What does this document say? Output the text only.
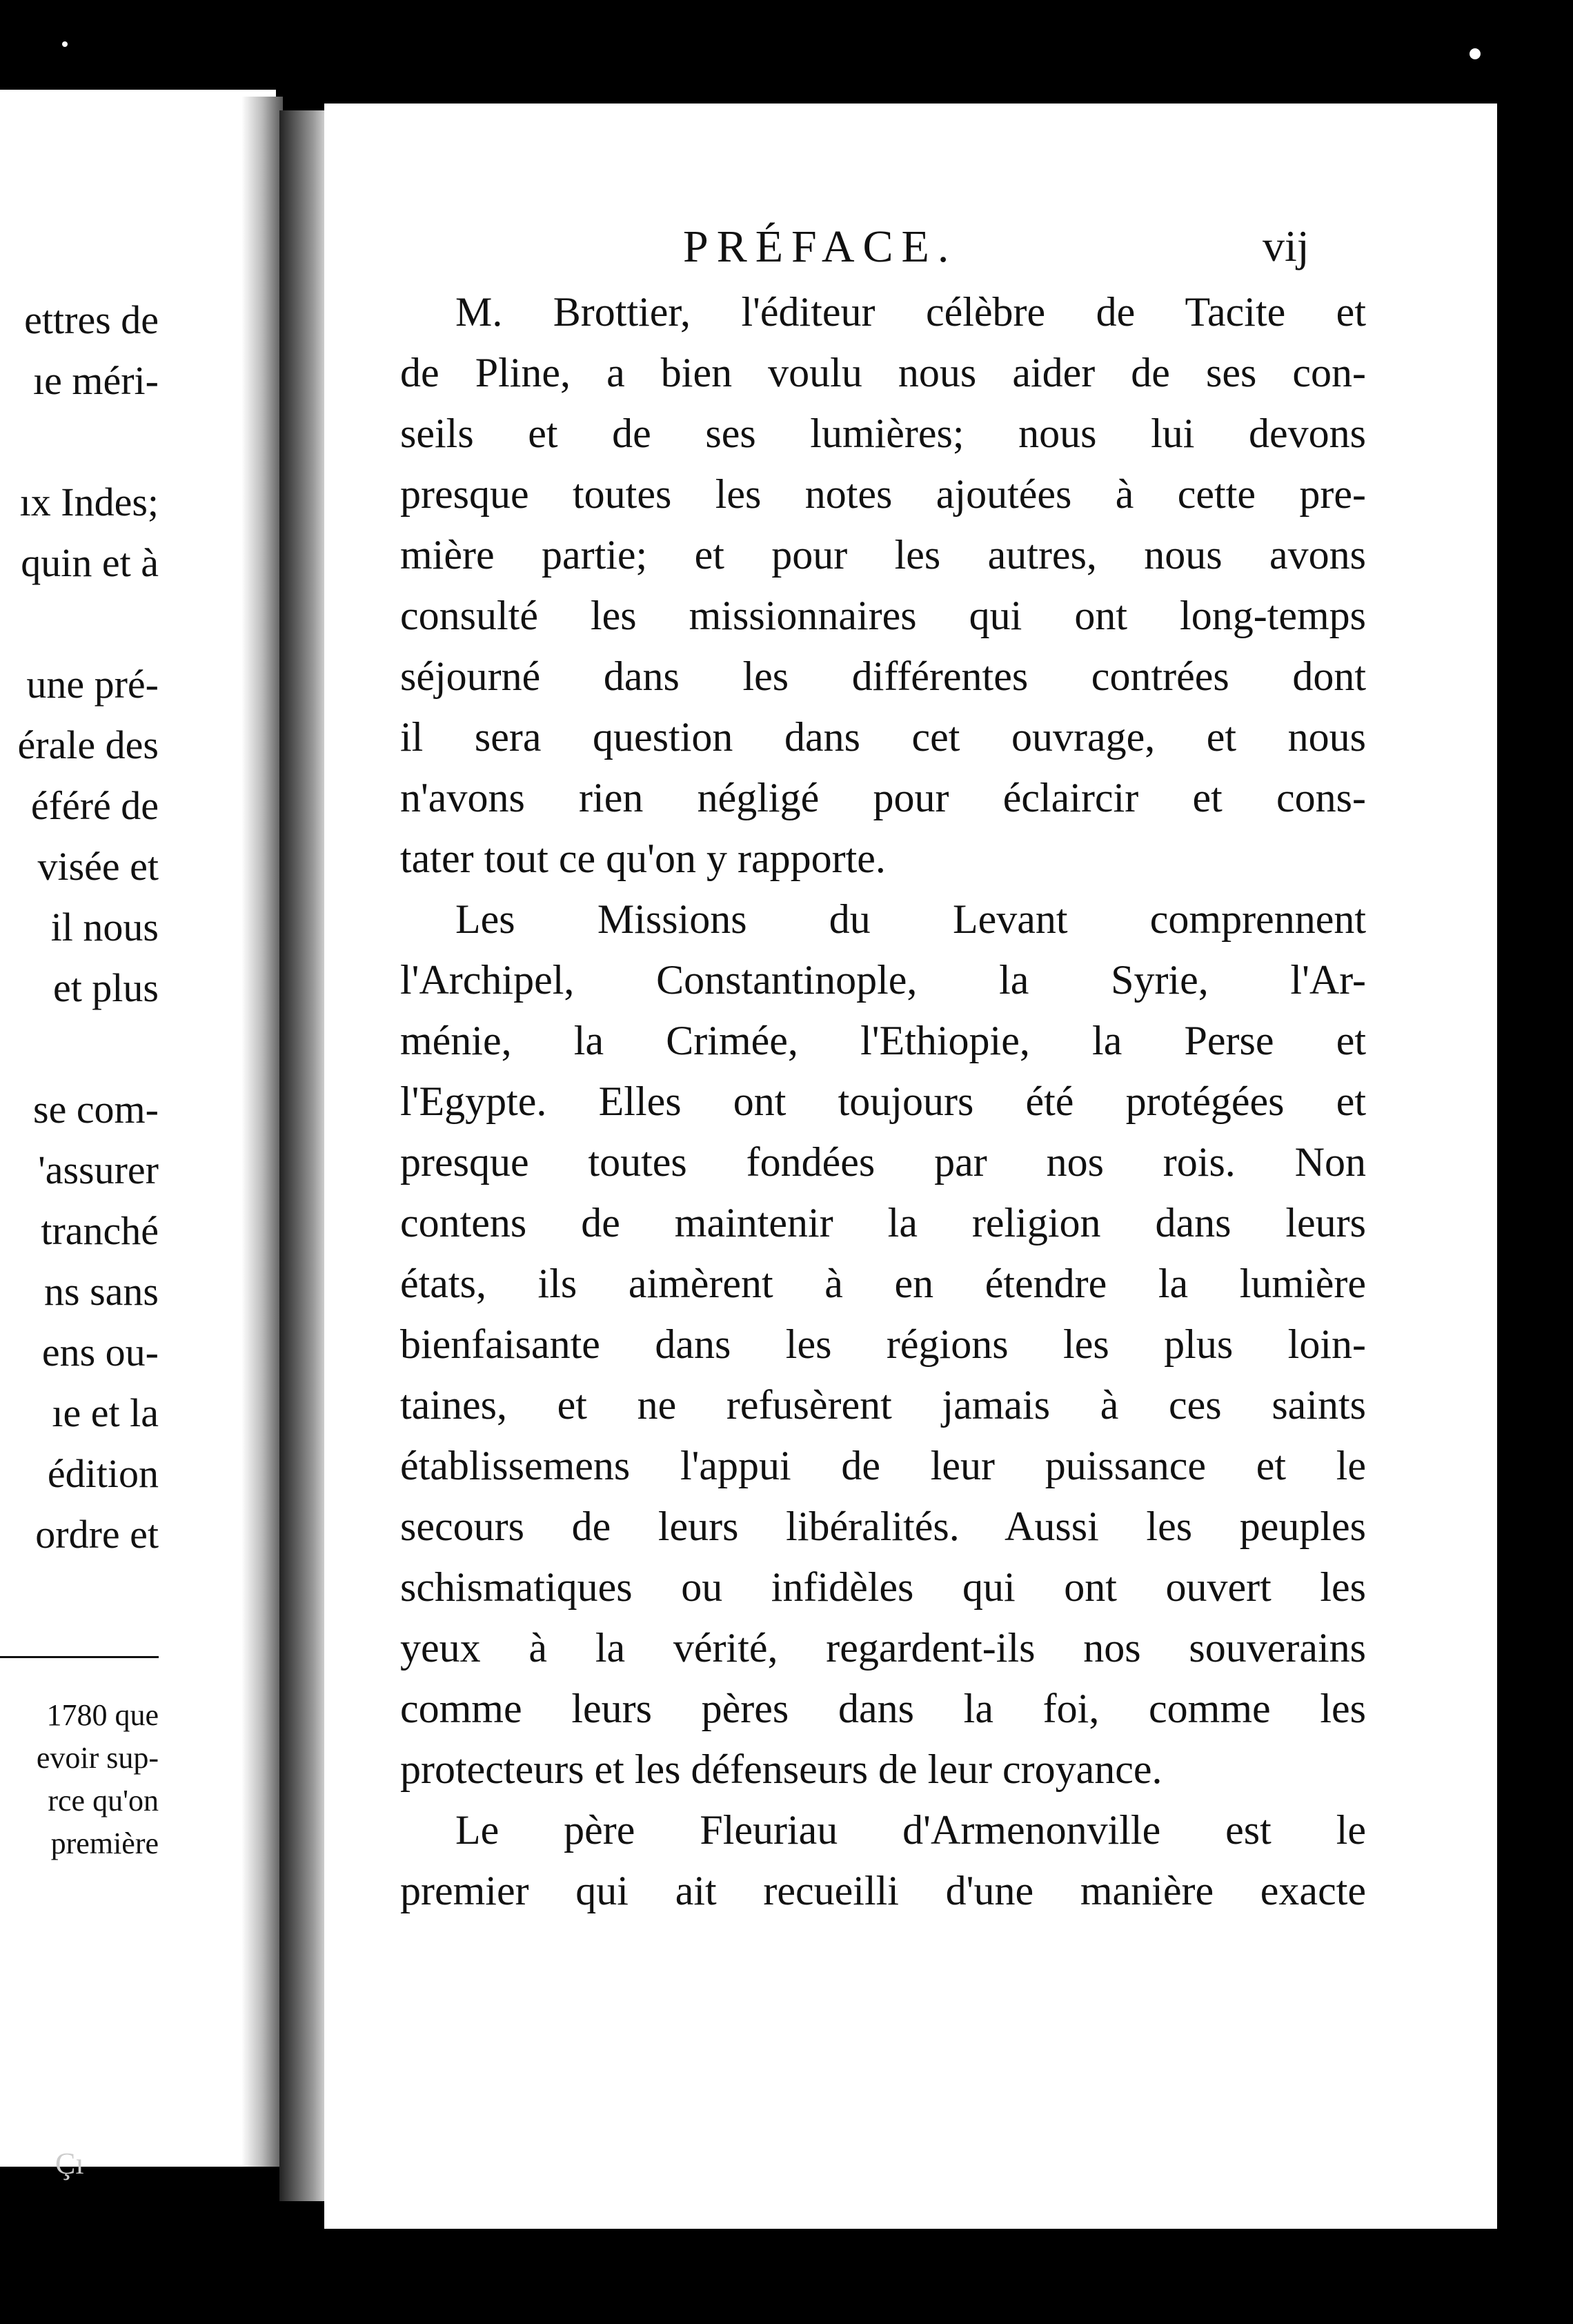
ettres de
ıe méri-

ıx Indes;
quin et à

une pré-
érale des
éféré de
visée et
il nous
et plus

se com-
'assurer
tranché
ns sans
ens ou-
ıe et la
édition
ordre et
1780 que
evoir sup-
rce qu'on
première
PRÉFACE.	vij
M. Brottier, l'éditeur célèbre de Tacite et
de Pline, a bien voulu nous aider de ses con-
seils et de ses lumières; nous lui devons
presque toutes les notes ajoutées à cette pre-
mière partie; et pour les autres, nous avons
consulté les missionnaires qui ont long-temps
séjourné dans les différentes contrées dont
il sera question dans cet ouvrage, et nous
n'avons rien négligé pour éclaircir et cons-
tater tout ce qu'on y rapporte.
Les Missions du Levant comprennent
l'Archipel, Constantinople, la Syrie, l'Ar-
ménie, la Crimée, l'Ethiopie, la Perse et
l'Egypte. Elles ont toujours été protégées et
presque toutes fondées par nos rois. Non
contens de maintenir la religion dans leurs
états, ils aimèrent à en étendre la lumière
bienfaisante dans les régions les plus loin-
taines, et ne refusèrent jamais à ces saints
établissemens l'appui de leur puissance et le
secours de leurs libéralités. Aussi les peuples
schismatiques ou infidèles qui ont ouvert les
yeux à la vérité, regardent-ils nos souverains
comme leurs pères dans la foi, comme les
protecteurs et les défenseurs de leur croyance.
Le père Fleuriau d'Armenonville est le
premier qui ait recueilli d'une manière exacte
Çı
